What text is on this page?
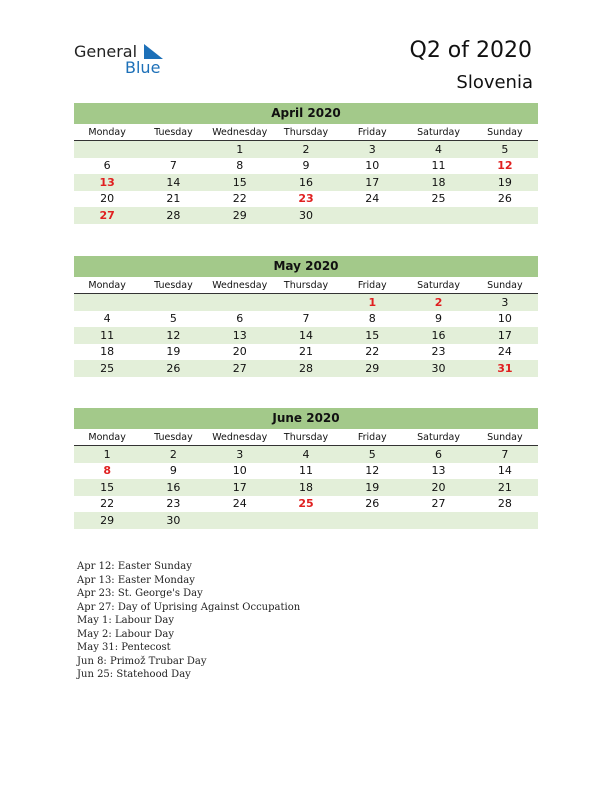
General
Blue
Q2 of 2020
Slovenia
April 2020
Monday	Tuesday	Wednesday	Thursday	Friday	Saturday	Sunday
		1	2	3	4	5
6	7	8	9	10	11	12
13	14	15	16	17	18	19
20	21	22	23	24	25	26
27	28	29	30			
May 2020
Monday	Tuesday	Wednesday	Thursday	Friday	Saturday	Sunday
				1	2	3
4	5	6	7	8	9	10
11	12	13	14	15	16	17
18	19	20	21	22	23	24
25	26	27	28	29	30	31
June 2020
Monday	Tuesday	Wednesday	Thursday	Friday	Saturday	Sunday
1	2	3	4	5	6	7
8	9	10	11	12	13	14
15	16	17	18	19	20	21
22	23	24	25	26	27	28
29	30					
Apr 12: Easter Sunday
Apr 13: Easter Monday
Apr 23: St. George's Day
Apr 27: Day of Uprising Against Occupation
May 1: Labour Day
May 2: Labour Day
May 31: Pentecost
Jun 8: Primož Trubar Day
Jun 25: Statehood Day
